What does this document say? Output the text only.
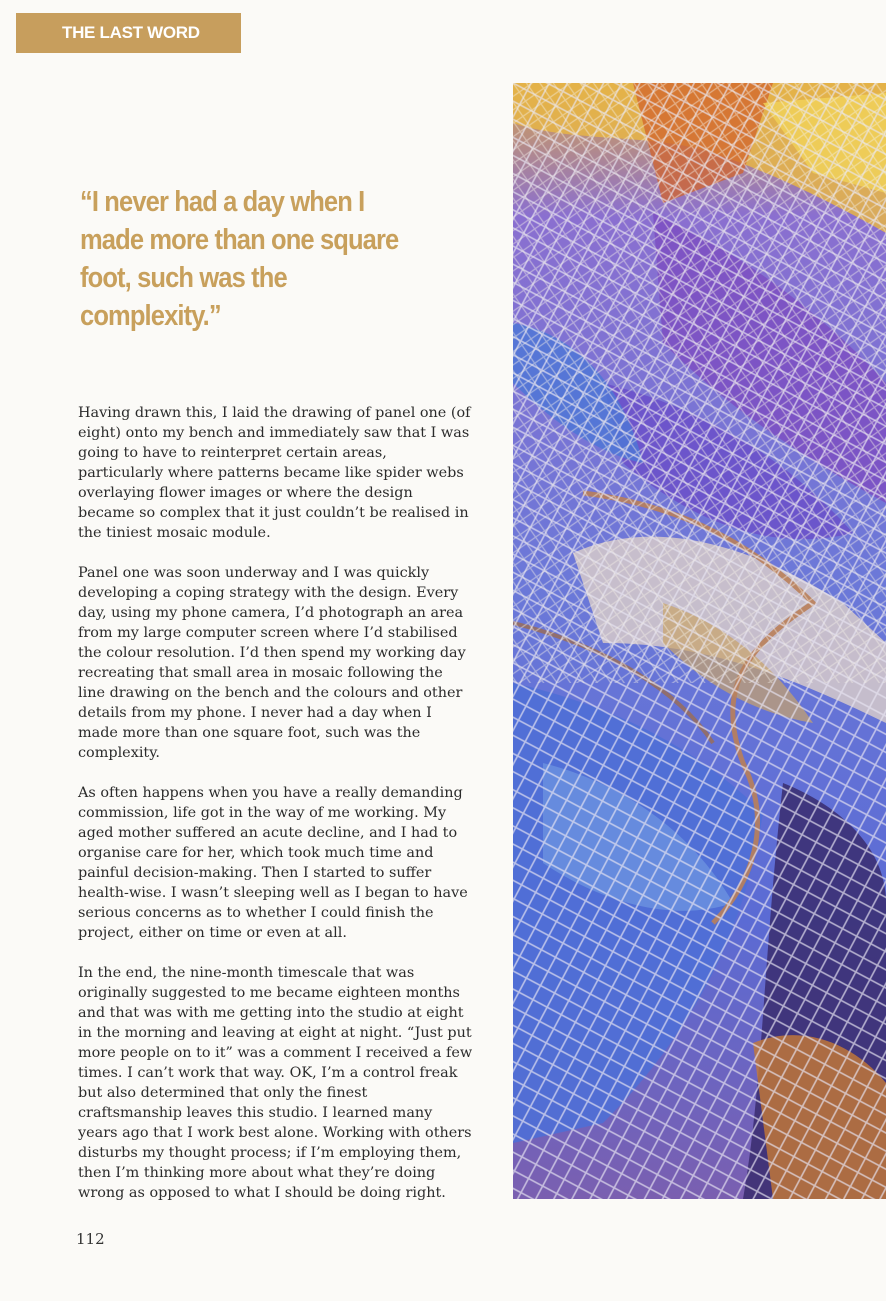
THE LAST WORD

“I never had a day when I made more than one square foot, such was the complexity.”

Having drawn this, I laid the drawing of panel one (of eight) onto my bench and immediately saw that I was going to have to reinterpret certain areas, particularly where patterns became like spider webs overlaying flower images or where the design became so complex that it just couldn’t be realised in the tiniest mosaic module.

Panel one was soon underway and I was quickly developing a coping strategy with the design. Every day, using my phone camera, I’d photograph an area from my large computer screen where I’d stabilised the colour resolution. I’d then spend my working day recreating that small area in mosaic following the line drawing on the bench and the colours and other details from my phone. I never had a day when I made more than one square foot, such was the complexity.

As often happens when you have a really demanding commission, life got in the way of me working. My aged mother suffered an acute decline, and I had to organise care for her, which took much time and painful decision-making. Then I started to suffer health-wise. I wasn’t sleeping well as I began to have serious concerns as to whether I could finish the project, either on time or even at all.

In the end, the nine-month timescale that was originally suggested to me became eighteen months and that was with me getting into the studio at eight in the morning and leaving at eight at night. “Just put more people on to it” was a comment I received a few times. I can’t work that way. OK, I’m a control freak but also determined that only the finest craftsmanship leaves this studio. I learned many years ago that I work best alone. Working with others disturbs my thought process; if I’m employing them, then I’m thinking more about what they’re doing wrong as opposed to what I should be doing right.

112
